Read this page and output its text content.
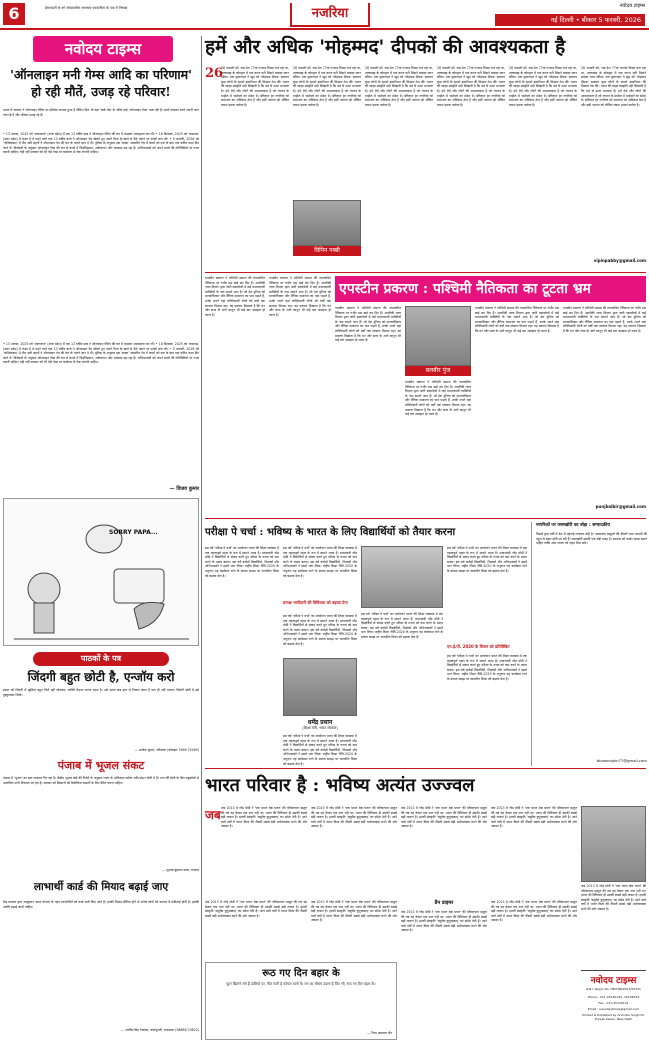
6	ईमानदारी से वर्ग संवेदनशील समाचार पत्रकारिता के पक्ष में निष्पक्ष	नजरिया	नवोदय टाइम्स
नई दिल्ली • बीकार 5 फरवरी, 2026
नवोदय टाइम्स
'ऑनलाइन मनी गेम्स आदि का परिणाम' हो रही मौतें, उजड़ रहे परिवार!
भारत में सरकार ने ऑनलाइन गेमिंग पर प्रतिबंध लगाया हुआ है लेकिन फिर भी यहां 'डार्क वेब' के जरिए कई 'ऑनलाइन गेम्स' चला रही हैं। इनमें फंसकर बच्चे अपनी जान गंवा रहे हैं और परिवार उजड़ रहे हैं।
• 13 अगस्त, 2025 को 'प्रयागराज' (उत्तर प्रदेश) में एक 13 वर्षीय छात्र ने ऑनलाइन गेमिंग की लत में फंसकर आत्महत्या कर ली। • 16 सितम्बर, 2025 को 'लखनऊ' (उत्तर प्रदेश) में कक्षा 6 में पढ़ने वाले एक 13 वर्षीय बच्चे ने ऑनलाइन गेम खेलते हुए अपने पिता के खाते से पैसे गंवाने पर फांसी लगा ली। • 5 जनवरी, 2026 को 'गाजियाबाद' में तीन सगी बहनों ने ऑनलाइन गेम की लत के चलते जान दे दी। पुलिस के अनुसार इस 'टास्क' आधारित गेम में बच्चों को एक के बाद एक कठिन काम दिए जाते थे। विशेषज्ञों के अनुसार ऑनलाइन गेम्स की लत से बच्चों में चिड़चिड़ापन, अकेलापन और अवसाद बढ़ रहा है। अभिभावकों को अपने बच्चों की गतिविधियों पर नजर रखनी चाहिए। यही नहीं सरकार को भी ऐसे गेम्स पर कठोरता से रोक लगानी चाहिए।
• 13 अगस्त, 2025 को 'प्रयागराज' (उत्तर प्रदेश) में एक 13 वर्षीय छात्र ने ऑनलाइन गेमिंग की लत में फंसकर आत्महत्या कर ली। • 16 सितम्बर, 2025 को 'लखनऊ' (उत्तर प्रदेश) में कक्षा 6 में पढ़ने वाले एक 13 वर्षीय बच्चे ने ऑनलाइन गेम खेलते हुए अपने पिता के खाते से पैसे गंवाने पर फांसी लगा ली। • 5 जनवरी, 2026 को 'गाजियाबाद' में तीन सगी बहनों ने ऑनलाइन गेम की लत के चलते जान दे दी। पुलिस के अनुसार इस 'टास्क' आधारित गेम में बच्चों को एक के बाद एक कठिन काम दिए जाते थे। विशेषज्ञों के अनुसार ऑनलाइन गेम्स की लत से बच्चों में चिड़चिड़ापन, अकेलापन और अवसाद बढ़ रहा है। अभिभावकों को अपने बच्चों की गतिविधियों पर नजर रखनी चाहिए। यही नहीं सरकार को भी ऐसे गेम्स पर कठोरता से रोक लगानी चाहिए।
— विजय कुमार
SORRY PAPA...
पाठकों के पत्र
जिंदगी बहुत छोटी है, एन्जॉय करो
इंसान को जिंदगी में खुशियां बहुत मिलें यही सोचकर, व्यक्ति मेहनत करता रहता है। उसे समय कब हाथ से निकल जाता है पता ही नहीं चलता। जिंदगी छोटी है इसे मुस्कुराकर जियो।
— अशोक कुमार, पटियाला (मोबाइल 7696 75469)
पंजाब में भूजल संकट
पंजाब में 'भूजल' का स्तर लगातार गिर रहा है। केंद्रीय भूजल बोर्ड की रिपोर्ट के अनुसार राज्य के अधिकांश ब्लॉक अति-दोहन श्रेणी में हैं। धान की खेती के लिए ट्यूबवेलों से अत्यधिक पानी निकाला जा रहा है। सरकार को किसानों को वैकल्पिक फसलों के लिए प्रेरित करना चाहिए।
— सुभाष बुड़ावन वाला, रतलाम
लाभार्थी कार्ड की मियाद बढ़ाई जाए
केंद्र सरकार द्वारा आयुष्मान भारत योजना के तहत लाभार्थियों को कार्ड जारी किए जाते हैं। इनकी मियाद सीमित होने से अनेक लोगों को उपचार में कठिनाई होती है। इसकी अवधि बढ़ाई जानी चाहिए।
— अरविंद सिंह रेखावत, कोटपूतली, राजस्थान (98868 70822)
हमें और अधिक 'मोहम्मद' दीपकों की आवश्यकता है
26
26 जनवरी को, जब देश 77वां गणतंत्र दिवस मना रहा था, उत्तराखंड के कोटद्वार में एक घटना घटी जिसने सबका ध्यान खींचा। एक दुकानदार ने खुद को 'मोहम्मद दीपक' बताकर कुछ लोगों के सामने इंसानियत की मिसाल पेश की। भारत की साझा संस्कृति यही सिखाती है कि धर्म से ऊपर मानवता है। हमें ऐसे और लोगों की आवश्यकता है जो नफरत के माहौल में भाईचारे का संदेश दें। संविधान हर नागरिक को समानता का अधिकार देता है और इसी भावना को जीवित रखना हमारा कर्तव्य है।
26 जनवरी को, जब देश 77वां गणतंत्र दिवस मना रहा था, उत्तराखंड के कोटद्वार में एक घटना घटी जिसने सबका ध्यान खींचा। एक दुकानदार ने खुद को 'मोहम्मद दीपक' बताकर कुछ लोगों के सामने इंसानियत की मिसाल पेश की। भारत की साझा संस्कृति यही सिखाती है कि धर्म से ऊपर मानवता है। हमें ऐसे और लोगों की आवश्यकता है जो नफरत के माहौल में भाईचारे का संदेश दें। संविधान हर नागरिक को समानता का अधिकार देता है और इसी भावना को जीवित रखना हमारा कर्तव्य है।
विपिन पब्बी
26 जनवरी को, जब देश 77वां गणतंत्र दिवस मना रहा था, उत्तराखंड के कोटद्वार में एक घटना घटी जिसने सबका ध्यान खींचा। एक दुकानदार ने खुद को 'मोहम्मद दीपक' बताकर कुछ लोगों के सामने इंसानियत की मिसाल पेश की। भारत की साझा संस्कृति यही सिखाती है कि धर्म से ऊपर मानवता है। हमें ऐसे और लोगों की आवश्यकता है जो नफरत के माहौल में भाईचारे का संदेश दें। संविधान हर नागरिक को समानता का अधिकार देता है और इसी भावना को जीवित रखना हमारा कर्तव्य है।
26 जनवरी को, जब देश 77वां गणतंत्र दिवस मना रहा था, उत्तराखंड के कोटद्वार में एक घटना घटी जिसने सबका ध्यान खींचा। एक दुकानदार ने खुद को 'मोहम्मद दीपक' बताकर कुछ लोगों के सामने इंसानियत की मिसाल पेश की। भारत की साझा संस्कृति यही सिखाती है कि धर्म से ऊपर मानवता है। हमें ऐसे और लोगों की आवश्यकता है जो नफरत के माहौल में भाईचारे का संदेश दें। संविधान हर नागरिक को समानता का अधिकार देता है और इसी भावना को जीवित रखना हमारा कर्तव्य है।
26 जनवरी को, जब देश 77वां गणतंत्र दिवस मना रहा था, उत्तराखंड के कोटद्वार में एक घटना घटी जिसने सबका ध्यान खींचा। एक दुकानदार ने खुद को 'मोहम्मद दीपक' बताकर कुछ लोगों के सामने इंसानियत की मिसाल पेश की। भारत की साझा संस्कृति यही सिखाती है कि धर्म से ऊपर मानवता है। हमें ऐसे और लोगों की आवश्यकता है जो नफरत के माहौल में भाईचारे का संदेश दें। संविधान हर नागरिक को समानता का अधिकार देता है और इसी भावना को जीवित रखना हमारा कर्तव्य है।
26 जनवरी को, जब देश 77वां गणतंत्र दिवस मना रहा था, उत्तराखंड के कोटद्वार में एक घटना घटी जिसने सबका ध्यान खींचा। एक दुकानदार ने खुद को 'मोहम्मद दीपक' बताकर कुछ लोगों के सामने इंसानियत की मिसाल पेश की। भारत की साझा संस्कृति यही सिखाती है कि धर्म से ऊपर मानवता है। हमें ऐसे और लोगों की आवश्यकता है जो नफरत के माहौल में भाईचारे का संदेश दें। संविधान हर नागरिक को समानता का अधिकार देता है और इसी भावना को जीवित रखना हमारा कर्तव्य है।
vipinpabby@gmail.com
एपस्टीन प्रकरण : पश्चिमी नैतिकता का टूटता भ्रम
एपस्टीन प्रकरण ने पश्चिमी समाज की तथाकथित नैतिकता पर गंभीर प्रश्न खड़े कर दिए हैं। अमरीकी न्याय विभाग द्वारा जारी दस्तावेजों में कई प्रभावशाली व्यक्तियों के नाम सामने आए हैं। जो देश दुनिया को मानवाधिकार और लैंगिक समानता का पाठ पढ़ाते हैं, उनके अपने यहां शक्तिशाली लोगों को वर्षों तक संरक्षण मिलता रहा। यह प्रकरण दिखाता है कि धन और सत्ता के आगे कानून भी कई बार असहाय हो जाता है।
एपस्टीन प्रकरण ने पश्चिमी समाज की तथाकथित नैतिकता पर गंभीर प्रश्न खड़े कर दिए हैं। अमरीकी न्याय विभाग द्वारा जारी दस्तावेजों में कई प्रभावशाली व्यक्तियों के नाम सामने आए हैं। जो देश दुनिया को मानवाधिकार और लैंगिक समानता का पाठ पढ़ाते हैं, उनके अपने यहां शक्तिशाली लोगों को वर्षों तक संरक्षण मिलता रहा। यह प्रकरण दिखाता है कि धन और सत्ता के आगे कानून भी कई बार असहाय हो जाता है।
एपस्टीन प्रकरण ने पश्चिमी समाज की तथाकथित नैतिकता पर गंभीर प्रश्न खड़े कर दिए हैं। अमरीकी न्याय विभाग द्वारा जारी दस्तावेजों में कई प्रभावशाली व्यक्तियों के नाम सामने आए हैं। जो देश दुनिया को मानवाधिकार और लैंगिक समानता का पाठ पढ़ाते हैं, उनके अपने यहां शक्तिशाली लोगों को वर्षों तक संरक्षण मिलता रहा। यह प्रकरण दिखाता है कि धन और सत्ता के आगे कानून भी कई बार असहाय हो जाता है।
बलबीर पुंज
एपस्टीन प्रकरण ने पश्चिमी समाज की तथाकथित नैतिकता पर गंभीर प्रश्न खड़े कर दिए हैं। अमरीकी न्याय विभाग द्वारा जारी दस्तावेजों में कई प्रभावशाली व्यक्तियों के नाम सामने आए हैं। जो देश दुनिया को मानवाधिकार और लैंगिक समानता का पाठ पढ़ाते हैं, उनके अपने यहां शक्तिशाली लोगों को वर्षों तक संरक्षण मिलता रहा। यह प्रकरण दिखाता है कि धन और सत्ता के आगे कानून भी कई बार असहाय हो जाता है।
एपस्टीन प्रकरण ने पश्चिमी समाज की तथाकथित नैतिकता पर गंभीर प्रश्न खड़े कर दिए हैं। अमरीकी न्याय विभाग द्वारा जारी दस्तावेजों में कई प्रभावशाली व्यक्तियों के नाम सामने आए हैं। जो देश दुनिया को मानवाधिकार और लैंगिक समानता का पाठ पढ़ाते हैं, उनके अपने यहां शक्तिशाली लोगों को वर्षों तक संरक्षण मिलता रहा। यह प्रकरण दिखाता है कि धन और सत्ता के आगे कानून भी कई बार असहाय हो जाता है।
एपस्टीन प्रकरण ने पश्चिमी समाज की तथाकथित नैतिकता पर गंभीर प्रश्न खड़े कर दिए हैं। अमरीकी न्याय विभाग द्वारा जारी दस्तावेजों में कई प्रभावशाली व्यक्तियों के नाम सामने आए हैं। जो देश दुनिया को मानवाधिकार और लैंगिक समानता का पाठ पढ़ाते हैं, उनके अपने यहां शक्तिशाली लोगों को वर्षों तक संरक्षण मिलता रहा। यह प्रकरण दिखाता है कि धन और सत्ता के आगे कानून भी कई बार असहाय हो जाता है।
punjbalbir@gmail.com
परीक्षा पे चर्चा : भविष्य के भारत के लिए विद्यार्थियों को तैयार करना
इस वर्ष 'परीक्षा पे चर्चा' का आयोजन भारत की शिक्षा व्यवस्था में एक महत्वपूर्ण पहल के रूप में सामने आया है। प्रधानमंत्री नरेंद्र मोदी ने विद्यार्थियों से संवाद करते हुए परीक्षा के तनाव को कम करने के उपाय बताए। इस वर्ष करोड़ों विद्यार्थियों, शिक्षकों और अभिभावकों ने इसमें भाग लिया। राष्ट्रीय शिक्षा नीति-2020 के अनुरूप यह कार्यक्रम रटने के बजाय समझ पर आधारित शिक्षा को बढ़ावा देता है।
इस वर्ष 'परीक्षा पे चर्चा' का आयोजन भारत की शिक्षा व्यवस्था में एक महत्वपूर्ण पहल के रूप में सामने आया है। प्रधानमंत्री नरेंद्र मोदी ने विद्यार्थियों से संवाद करते हुए परीक्षा के तनाव को कम करने के उपाय बताए। इस वर्ष करोड़ों विद्यार्थियों, शिक्षकों और अभिभावकों ने इसमें भाग लिया। राष्ट्रीय शिक्षा नीति-2020 के अनुरूप यह कार्यक्रम रटने के बजाय समझ पर आधारित शिक्षा को बढ़ावा देता है।
प्रत्यक्ष भागीदारी की विविधता को बढ़ावा देना
इस वर्ष 'परीक्षा पे चर्चा' का आयोजन भारत की शिक्षा व्यवस्था में एक महत्वपूर्ण पहल के रूप में सामने आया है। प्रधानमंत्री नरेंद्र मोदी ने विद्यार्थियों से संवाद करते हुए परीक्षा के तनाव को कम करने के उपाय बताए। इस वर्ष करोड़ों विद्यार्थियों, शिक्षकों और अभिभावकों ने इसमें भाग लिया। राष्ट्रीय शिक्षा नीति-2020 के अनुरूप यह कार्यक्रम रटने के बजाय समझ पर आधारित शिक्षा को बढ़ावा देता है।
धर्मेंद्र प्रधान
(शिक्षा मंत्री, भारत सरकार)
इस वर्ष 'परीक्षा पे चर्चा' का आयोजन भारत की शिक्षा व्यवस्था में एक महत्वपूर्ण पहल के रूप में सामने आया है। प्रधानमंत्री नरेंद्र मोदी ने विद्यार्थियों से संवाद करते हुए परीक्षा के तनाव को कम करने के उपाय बताए। इस वर्ष करोड़ों विद्यार्थियों, शिक्षकों और अभिभावकों ने इसमें भाग लिया। राष्ट्रीय शिक्षा नीति-2020 के अनुरूप यह कार्यक्रम रटने के बजाय समझ पर आधारित शिक्षा को बढ़ावा देता है।
इस वर्ष 'परीक्षा पे चर्चा' का आयोजन भारत की शिक्षा व्यवस्था में एक महत्वपूर्ण पहल के रूप में सामने आया है। प्रधानमंत्री नरेंद्र मोदी ने विद्यार्थियों से संवाद करते हुए परीक्षा के तनाव को कम करने के उपाय बताए। इस वर्ष करोड़ों विद्यार्थियों, शिक्षकों और अभिभावकों ने इसमें भाग लिया। राष्ट्रीय शिक्षा नीति-2020 के अनुरूप यह कार्यक्रम रटने के बजाय समझ पर आधारित शिक्षा को बढ़ावा देता है।
इस वर्ष 'परीक्षा पे चर्चा' का आयोजन भारत की शिक्षा व्यवस्था में एक महत्वपूर्ण पहल के रूप में सामने आया है। प्रधानमंत्री नरेंद्र मोदी ने विद्यार्थियों से संवाद करते हुए परीक्षा के तनाव को कम करने के उपाय बताए। इस वर्ष करोड़ों विद्यार्थियों, शिक्षकों और अभिभावकों ने इसमें भाग लिया। राष्ट्रीय शिक्षा नीति-2020 के अनुरूप यह कार्यक्रम रटने के बजाय समझ पर आधारित शिक्षा को बढ़ावा देता है।
एन.ई.पी. 2020 के विजन को प्रतिबिंबित
इस वर्ष 'परीक्षा पे चर्चा' का आयोजन भारत की शिक्षा व्यवस्था में एक महत्वपूर्ण पहल के रूप में सामने आया है। प्रधानमंत्री नरेंद्र मोदी ने विद्यार्थियों से संवाद करते हुए परीक्षा के तनाव को कम करने के उपाय बताए। इस वर्ष करोड़ों विद्यार्थियों, शिक्षकों और अभिभावकों ने इसमें भाग लिया। राष्ट्रीय शिक्षा नीति-2020 के अनुरूप यह कार्यक्रम रटने के बजाय समझ पर आधारित शिक्षा को बढ़ावा देता है।
नागरिकों पर जमाखोरी का बोझ : सम्पादकीय
पिछले कुछ वर्षों में देश में महंगाई लगातार बढ़ी है। आवश्यक वस्तुओं की कीमतें आम आदमी की पहुंच से बाहर होती जा रही हैं। जमाखोरी इसकी एक बड़ी वजह है। सरकार को कठोर कदम उठाने चाहिए ताकि आम जनता को राहत मिल सके।
bhawnajain77@gmail.com
भारत परिवार है : भविष्य अत्यंत उज्ज्वल
जब जब 2013 में नरेंद्र मोदी ने 'एक भारत श्रेष्ठ भारत' की परिकल्पना प्रस्तुत की तब यह केवल एक नारा नहीं था। भारत की विविधता ही उसकी सबसे बड़ी ताकत है। हमारी संस्कृति 'वसुधैव कुटुम्बकम्' का संदेश देती है। आने वाले वर्षों में भारत विश्व की तीसरी सबसे बड़ी अर्थव्यवस्था बनने की ओर अग्रसर है।
जब 2013 में नरेंद्र मोदी ने 'एक भारत श्रेष्ठ भारत' की परिकल्पना प्रस्तुत की तब यह केवल एक नारा नहीं था। भारत की विविधता ही उसकी सबसे बड़ी ताकत है। हमारी संस्कृति 'वसुधैव कुटुम्बकम्' का संदेश देती है। आने वाले वर्षों में भारत विश्व की तीसरी सबसे बड़ी अर्थव्यवस्था बनने की ओर अग्रसर है।
जब 2013 में नरेंद्र मोदी ने 'एक भारत श्रेष्ठ भारत' की परिकल्पना प्रस्तुत की तब यह केवल एक नारा नहीं था। भारत की विविधता ही उसकी सबसे बड़ी ताकत है। हमारी संस्कृति 'वसुधैव कुटुम्बकम्' का संदेश देती है। आने वाले वर्षों में भारत विश्व की तीसरी सबसे बड़ी अर्थव्यवस्था बनने की ओर अग्रसर है।
जब 2013 में नरेंद्र मोदी ने 'एक भारत श्रेष्ठ भारत' की परिकल्पना प्रस्तुत की तब यह केवल एक नारा नहीं था। भारत की विविधता ही उसकी सबसे बड़ी ताकत है। हमारी संस्कृति 'वसुधैव कुटुम्बकम्' का संदेश देती है। आने वाले वर्षों में भारत विश्व की तीसरी सबसे बड़ी अर्थव्यवस्था बनने की ओर अग्रसर है।
जब 2013 में नरेंद्र मोदी ने 'एक भारत श्रेष्ठ भारत' की परिकल्पना प्रस्तुत की तब यह केवल एक नारा नहीं था। भारत की विविधता ही उसकी सबसे बड़ी ताकत है। हमारी संस्कृति 'वसुधैव कुटुम्बकम्' का संदेश देती है। आने वाले वर्षों में भारत विश्व की तीसरी सबसे बड़ी अर्थव्यवस्था बनने की ओर अग्रसर है।
जब 2013 में नरेंद्र मोदी ने 'एक भारत श्रेष्ठ भारत' की परिकल्पना प्रस्तुत की तब यह केवल एक नारा नहीं था। भारत की विविधता ही उसकी सबसे बड़ी ताकत है। हमारी संस्कृति 'वसुधैव कुटुम्बकम्' का संदेश देती है। आने वाले वर्षों में भारत विश्व की तीसरी सबसे बड़ी अर्थव्यवस्था बनने की ओर अग्रसर है।
डैन डाइमर
जब 2013 में नरेंद्र मोदी ने 'एक भारत श्रेष्ठ भारत' की परिकल्पना प्रस्तुत की तब यह केवल एक नारा नहीं था। भारत की विविधता ही उसकी सबसे बड़ी ताकत है। हमारी संस्कृति 'वसुधैव कुटुम्बकम्' का संदेश देती है। आने वाले वर्षों में भारत विश्व की तीसरी सबसे बड़ी अर्थव्यवस्था बनने की ओर अग्रसर है।
जब 2013 में नरेंद्र मोदी ने 'एक भारत श्रेष्ठ भारत' की परिकल्पना प्रस्तुत की तब यह केवल एक नारा नहीं था। भारत की विविधता ही उसकी सबसे बड़ी ताकत है। हमारी संस्कृति 'वसुधैव कुटुम्बकम्' का संदेश देती है। आने वाले वर्षों में भारत विश्व की तीसरी सबसे बड़ी अर्थव्यवस्था बनने की ओर अग्रसर है।
रूठ गए दिन बहार के
फूल खिलने लगे हैं डालियों पर, गीत गाती है कोयल बागों में। मन का मौसम उदास है फिर भी, रूठ गए दिन बहार के।
— निशा अग्रवाल जैन
जब 2013 में नरेंद्र मोदी ने 'एक भारत श्रेष्ठ भारत' की परिकल्पना प्रस्तुत की तब यह केवल एक नारा नहीं था। भारत की विविधता ही उसकी सबसे बड़ी ताकत है। हमारी संस्कृति 'वसुधैव कुटुम्बकम्' का संदेश देती है। आने वाले वर्षों में भारत विश्व की तीसरी सबसे बड़ी अर्थव्यवस्था बनने की ओर अग्रसर है।
नवोदय टाइम्स
R.N.I. Regd. No. DELHIN/2013/52331
Phone : 011-45130133, 30105033
Fax : 011-45130101
Email : navodaytimes@gmail.com
Printed & Published by Arvinder Singh for Punjab Kesari, New Delhi
